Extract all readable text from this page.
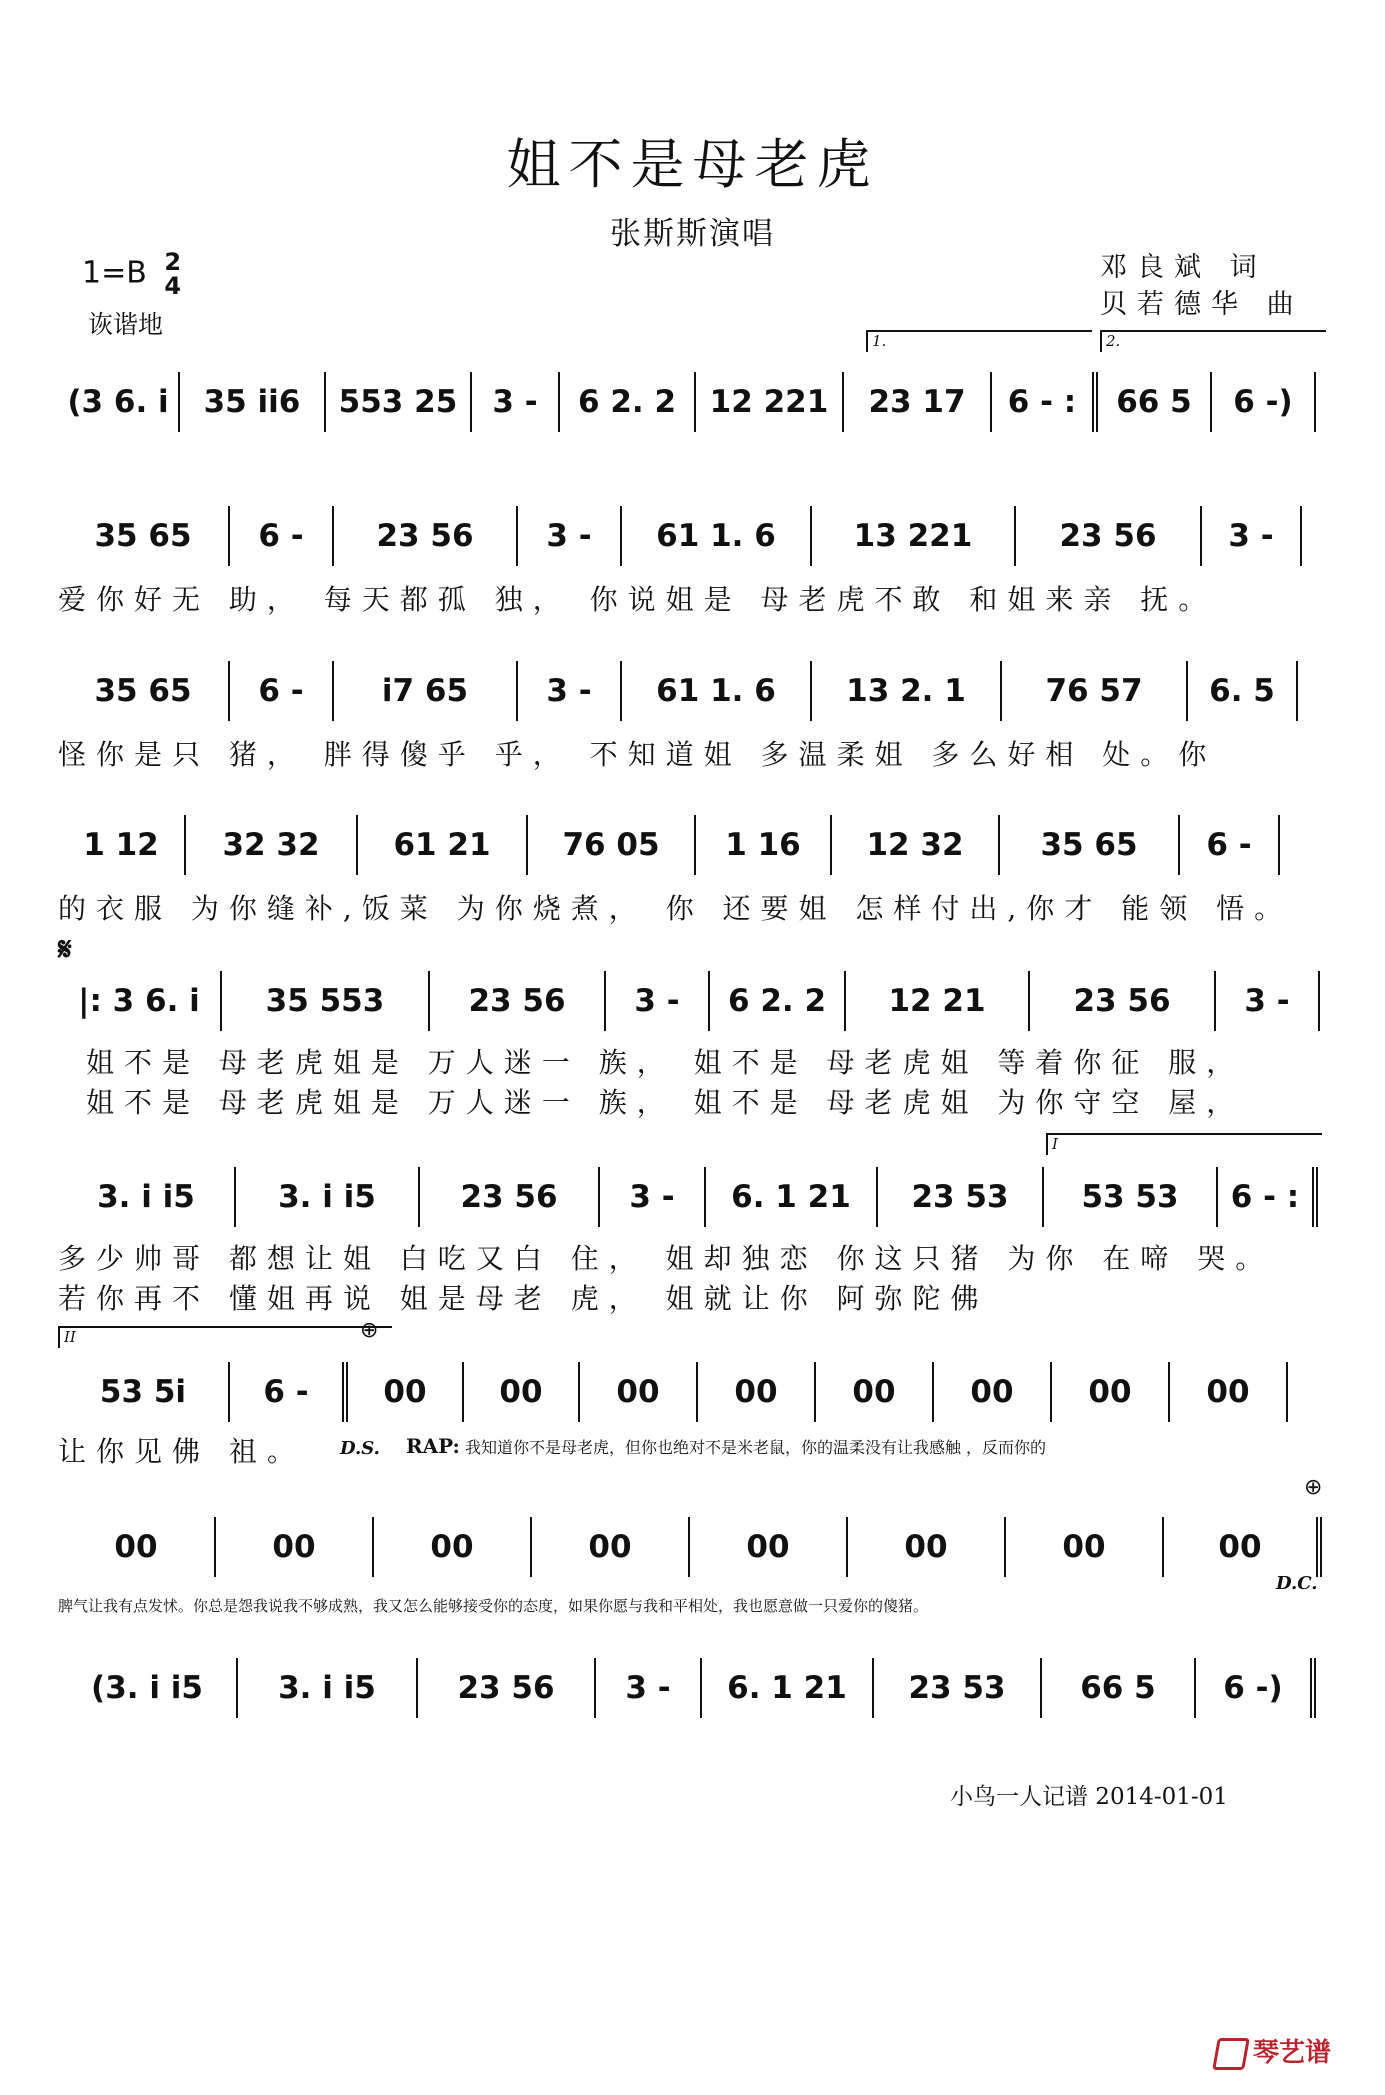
姐不是母老虎
张斯斯演唱
1=B 2
4
诙谐地
邓良斌 词
贝若德华 曲
1.	2.
(3 6. i	35 ii6	553 25	3 -	6 2. 2	12 221	23 17	6 - :	66 5	6 -)
35 65	6 -	23 56	3 -	61 1. 6	13 221	23 56	3 -
爱你好无 助， 每天都孤 独， 你说姐是 母老虎不敢 和姐来亲 抚。
35 65	6 -	i7 65	3 -	61 1. 6	13 2. 1	76 57	6. 5
怪你是只 猪， 胖得傻乎 乎， 不知道姐 多温柔姐 多么好相 处。你
1 12	32 32	61 21	76 05	1 16	12 32	35 65	6 -
的衣服 为你缝补,饭菜 为你烧煮， 你 还要姐 怎样付出,你才 能领 悟。
𝄋
|: 3 6. i	35 553	23 56	3 -	6 2. 2	12 21	23 56	3 -
姐不是 母老虎姐是 万人迷一 族， 姐不是 母老虎姐 等着你征 服，
姐不是 母老虎姐是 万人迷一 族， 姐不是 母老虎姐 为你守空 屋，
I
3. i i5	3. i i5	23 56	3 -	6. 1 21	23 53	53 53	6 - :
多少帅哥 都想让姐 白吃又白 住， 姐却独恋 你这只猪 为你 在啼 哭。
若你再不 懂姐再说 姐是母老 虎， 姐就让你 阿弥陀佛
II	⊕
53 5i	6 -	00	00	00	00	00	00	00	00
让你见佛 祖。 D.S. RAP: 我知道你不是母老虎，但你也绝对不是米老鼠，你的温柔没有让我感触 ，反而你的
⊕
00	00	00	00	00	00	00	00
D.C.
脾气让我有点发怵。你总是怨我说我不够成熟，我又怎么能够接受你的态度，如果你愿与我和平相处，我也愿意做一只爱你的傻猪。
(3. i i5	3. i i5	23 56	3 -	6. 1 21	23 53	66 5	6 -)
小鸟一人记谱 2014-01-01
琴艺谱
